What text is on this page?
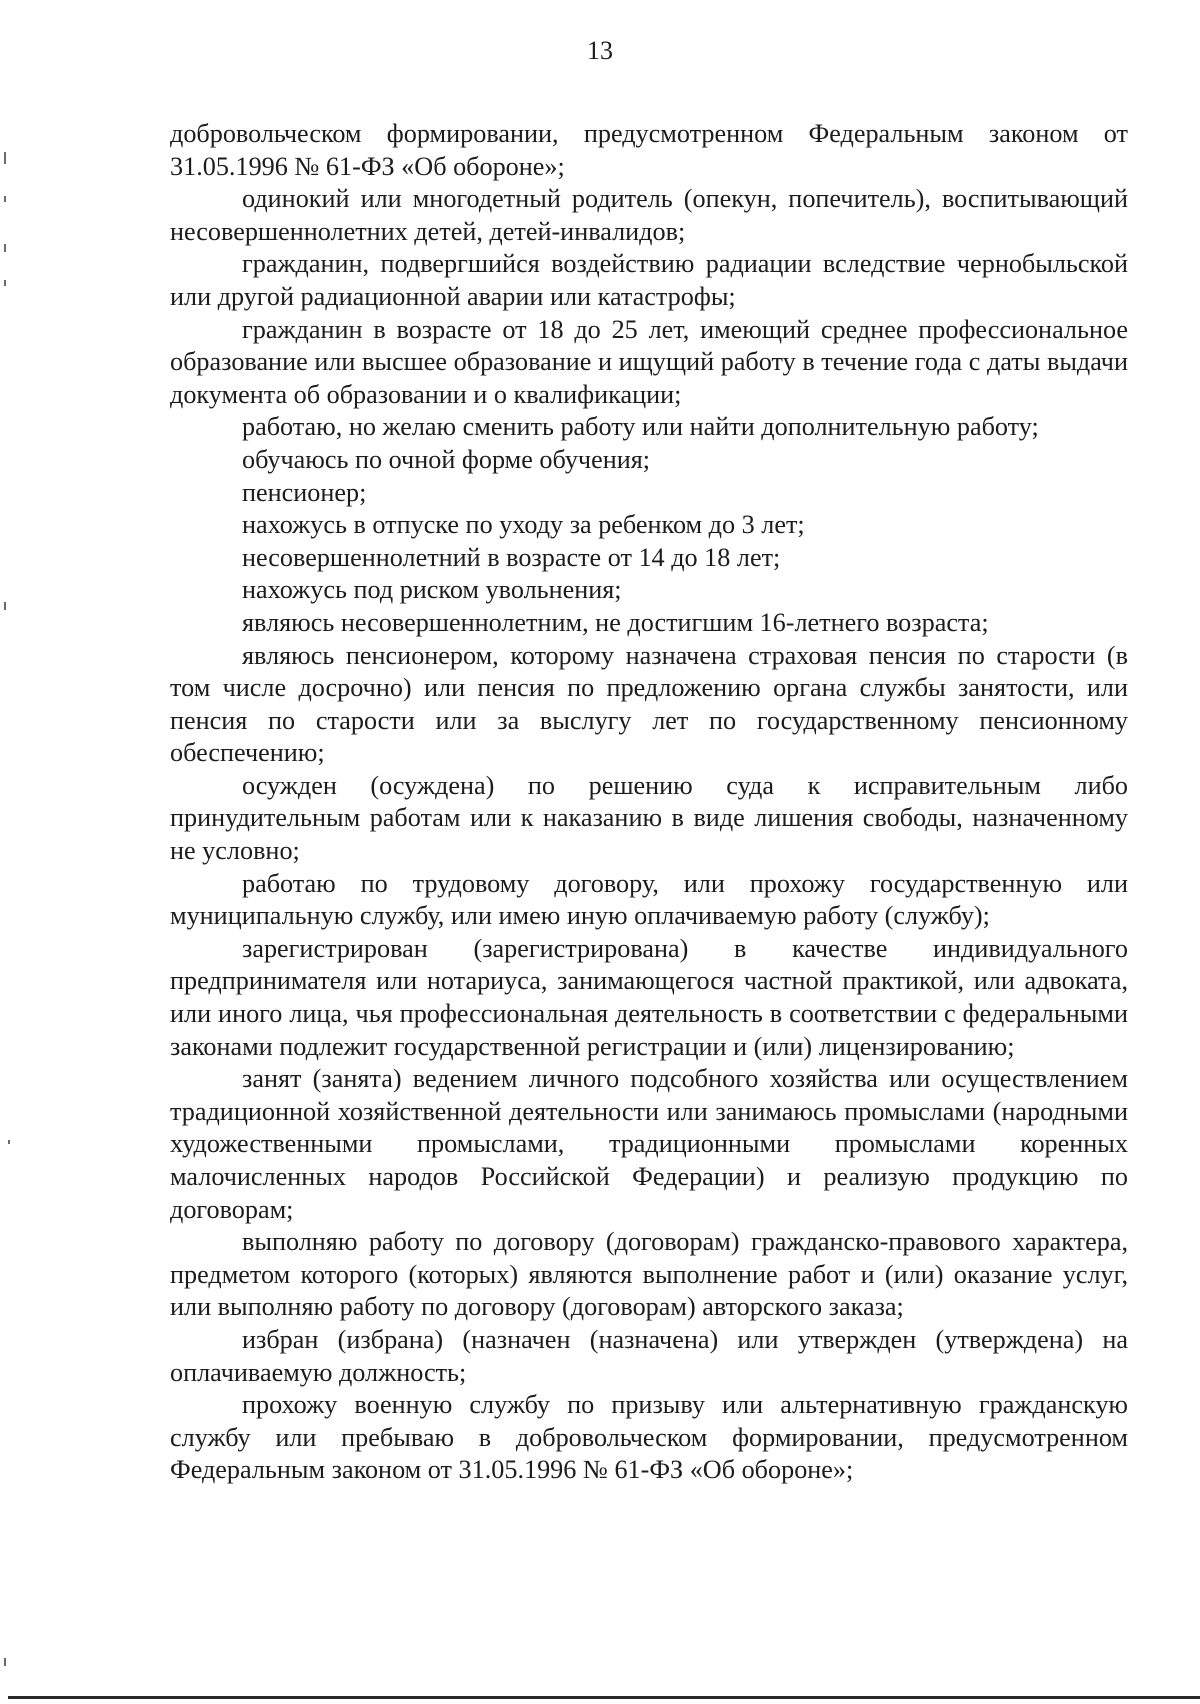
13

добровольческом формировании, предусмотренном Федеральным законом от 31.05.1996 № 61-ФЗ «Об обороне»;

одинокий или многодетный родитель (опекун, попечитель), воспитывающий несовершеннолетних детей, детей-инвалидов;

гражданин, подвергшийся воздействию радиации вследствие чернобыльской или другой радиационной аварии или катастрофы;

гражданин в возрасте от 18 до 25 лет, имеющий среднее профессиональное образование или высшее образование и ищущий работу в течение года с даты выдачи документа об образовании и о квалификации;

работаю, но желаю сменить работу или найти дополнительную работу;

обучаюсь по очной форме обучения;

пенсионер;

нахожусь в отпуске по уходу за ребенком до 3 лет;

несовершеннолетний в возрасте от 14 до 18 лет;

нахожусь под риском увольнения;

являюсь несовершеннолетним, не достигшим 16-летнего возраста;

являюсь пенсионером, которому назначена страховая пенсия по старости (в том числе досрочно) или пенсия по предложению органа службы занятости, или пенсия по старости или за выслугу лет по государственному пенсионному обеспечению;

осужден (осуждена) по решению суда к исправительным либо принудительным работам или к наказанию в виде лишения свободы, назначенному не условно;

работаю по трудовому договору, или прохожу государственную или муниципальную службу, или имею иную оплачиваемую работу (службу);

зарегистрирован (зарегистрирована) в качестве индивидуального предпринимателя или нотариуса, занимающегося частной практикой, или адвоката, или иного лица, чья профессиональная деятельность в соответствии с федеральными законами подлежит государственной регистрации и (или) лицензированию;

занят (занята) ведением личного подсобного хозяйства или осуществлением традиционной хозяйственной деятельности или занимаюсь промыслами (народными художественными промыслами, традиционными промыслами коренных малочисленных народов Российской Федерации) и реализую продукцию по договорам;

выполняю работу по договору (договорам) гражданско-правового характера, предметом которого (которых) являются выполнение работ и (или) оказание услуг, или выполняю работу по договору (договорам) авторского заказа;

избран (избрана) (назначен (назначена) или утвержден (утверждена) на оплачиваемую должность;

прохожу военную службу по призыву или альтернативную гражданскую службу или пребываю в добровольческом формировании, предусмотренном Федеральным законом от 31.05.1996 № 61-ФЗ «Об обороне»;
